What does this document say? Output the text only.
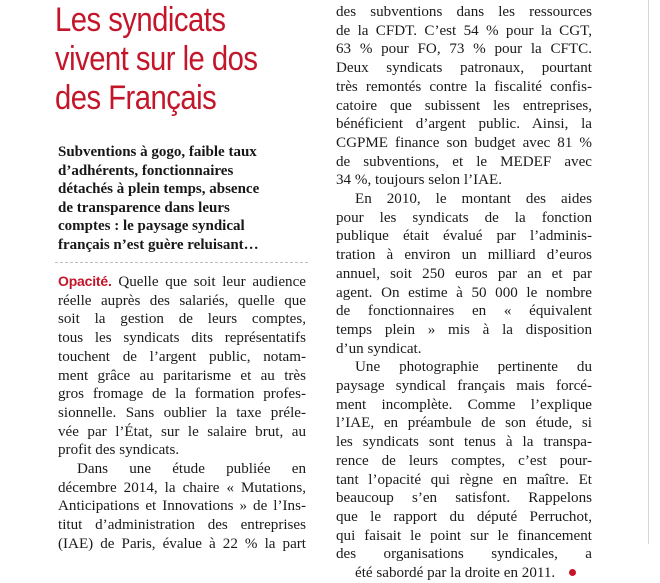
Les syndicats
vivent sur le dos
des Français
Subventions à gogo, faible taux
d’adhérents, fonctionnaires
détachés à plein temps, absence
de transparence dans leurs
comptes : le paysage syndical
français n’est guère reluisant…
Opacité. Quelle que soit leur audience
réelle auprès des salariés, quelle que
soit la gestion de leurs comptes,
tous les syndicats dits représentatifs
touchent de l’argent public, notam-
ment grâce au paritarisme et au très
gros fromage de la formation profes-
sionnelle. Sans oublier la taxe préle-
vée par l’État, sur le salaire brut, au
profit des syndicats.
Dans une étude publiée en
décembre 2014, la chaire « Mutations,
Anticipations et Innovations » de l’Ins-
titut d’administration des entreprises
(IAE) de Paris, évalue à 22 % la part
des subventions dans les ressources
de la CFDT. C’est 54 % pour la CGT,
63 % pour FO, 73 % pour la CFTC.
Deux syndicats patronaux, pourtant
très remontés contre la fiscalité confis-
catoire que subissent les entreprises,
bénéficient d’argent public. Ainsi, la
CGPME finance son budget avec 81 %
de subventions, et le MEDEF avec
34 %, toujours selon l’IAE.
En 2010, le montant des aides
pour les syndicats de la fonction
publique était évalué par l’adminis-
tration à environ un milliard d’euros
annuel, soit 250 euros par an et par
agent. On estime à 50 000 le nombre
de fonctionnaires en « équivalent
temps plein » mis à la disposition
d’un syndicat.
Une photographie pertinente du
paysage syndical français mais forcé-
ment incomplète. Comme l’explique
l’IAE, en préambule de son étude, si
les syndicats sont tenus à la transpa-
rence de leurs comptes, c’est pour-
tant l’opacité qui règne en maître. Et
beaucoup s’en satisfont. Rappelons
que le rapport du député Perruchot,
qui faisait le point sur le financement
des organisations syndicales, a
été sabordé par la droite en 2011.
